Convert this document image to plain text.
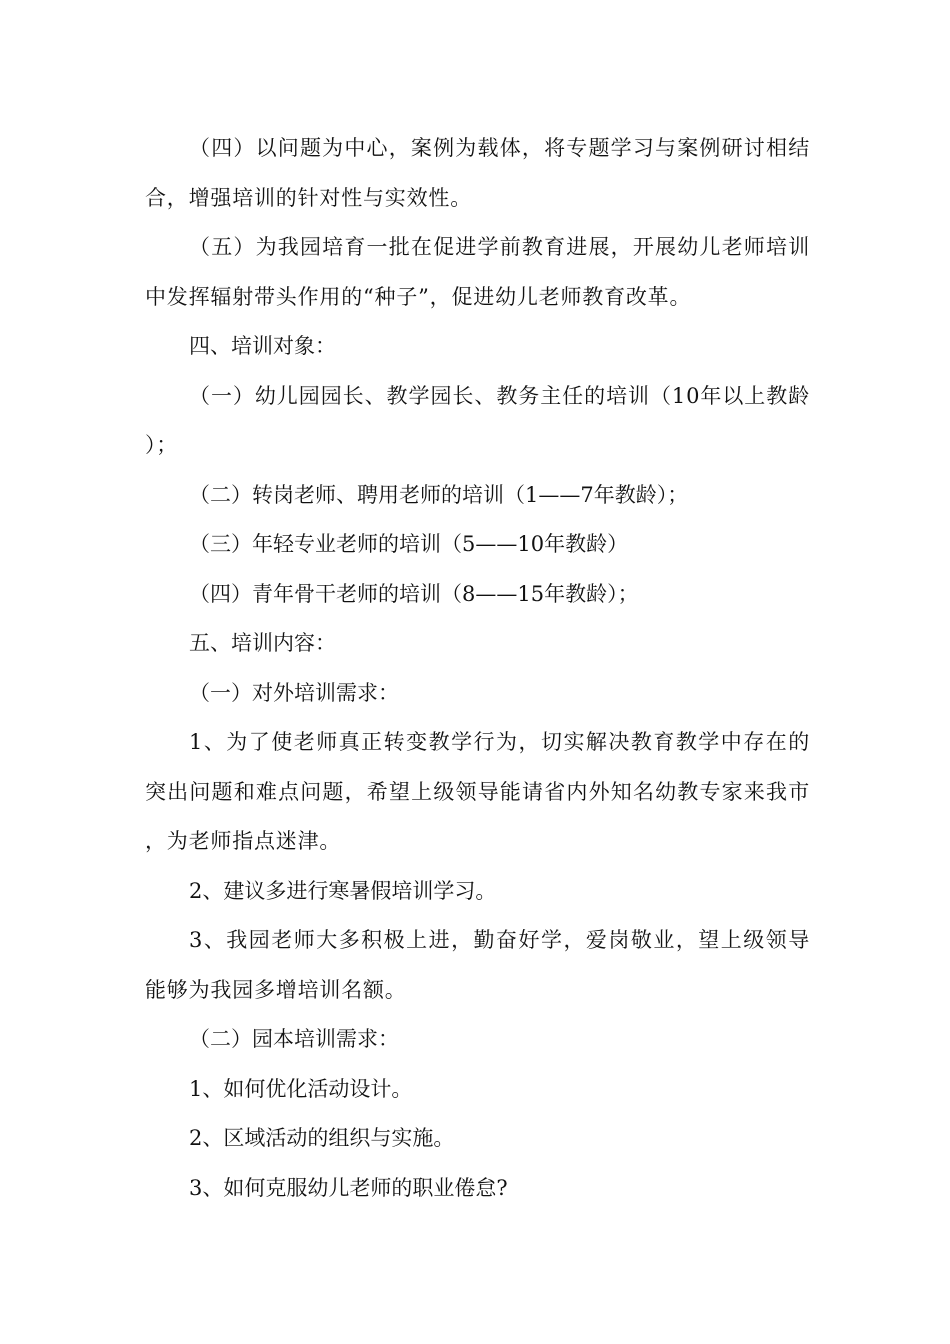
（四）以问题为中心，案例为载体，将专题学习与案例研讨相结合，增强培训的针对性与实效性。

（五）为我园培育一批在促进学前教育进展，开展幼儿老师培训中发挥辐射带头作用的“种子”，促进幼儿老师教育改革。

四、培训对象：

（一）幼儿园园长、教学园长、教务主任的培训（10年以上教龄）；

（二）转岗老师、聘用老师的培训（1——7年教龄）；

（三）年轻专业老师的培训（5——10年教龄）

（四）青年骨干老师的培训（8——15年教龄）；

五、培训内容：

（一）对外培训需求：

1、为了使老师真正转变教学行为，切实解决教育教学中存在的突出问题和难点问题，希望上级领导能请省内外知名幼教专家来我市，为老师指点迷津。

2、建议多进行寒暑假培训学习。

3、我园老师大多积极上进，勤奋好学，爱岗敬业，望上级领导能够为我园多增培训名额。

（二）园本培训需求：

1、如何优化活动设计。

2、区域活动的组织与实施。

3、如何克服幼儿老师的职业倦怠?
